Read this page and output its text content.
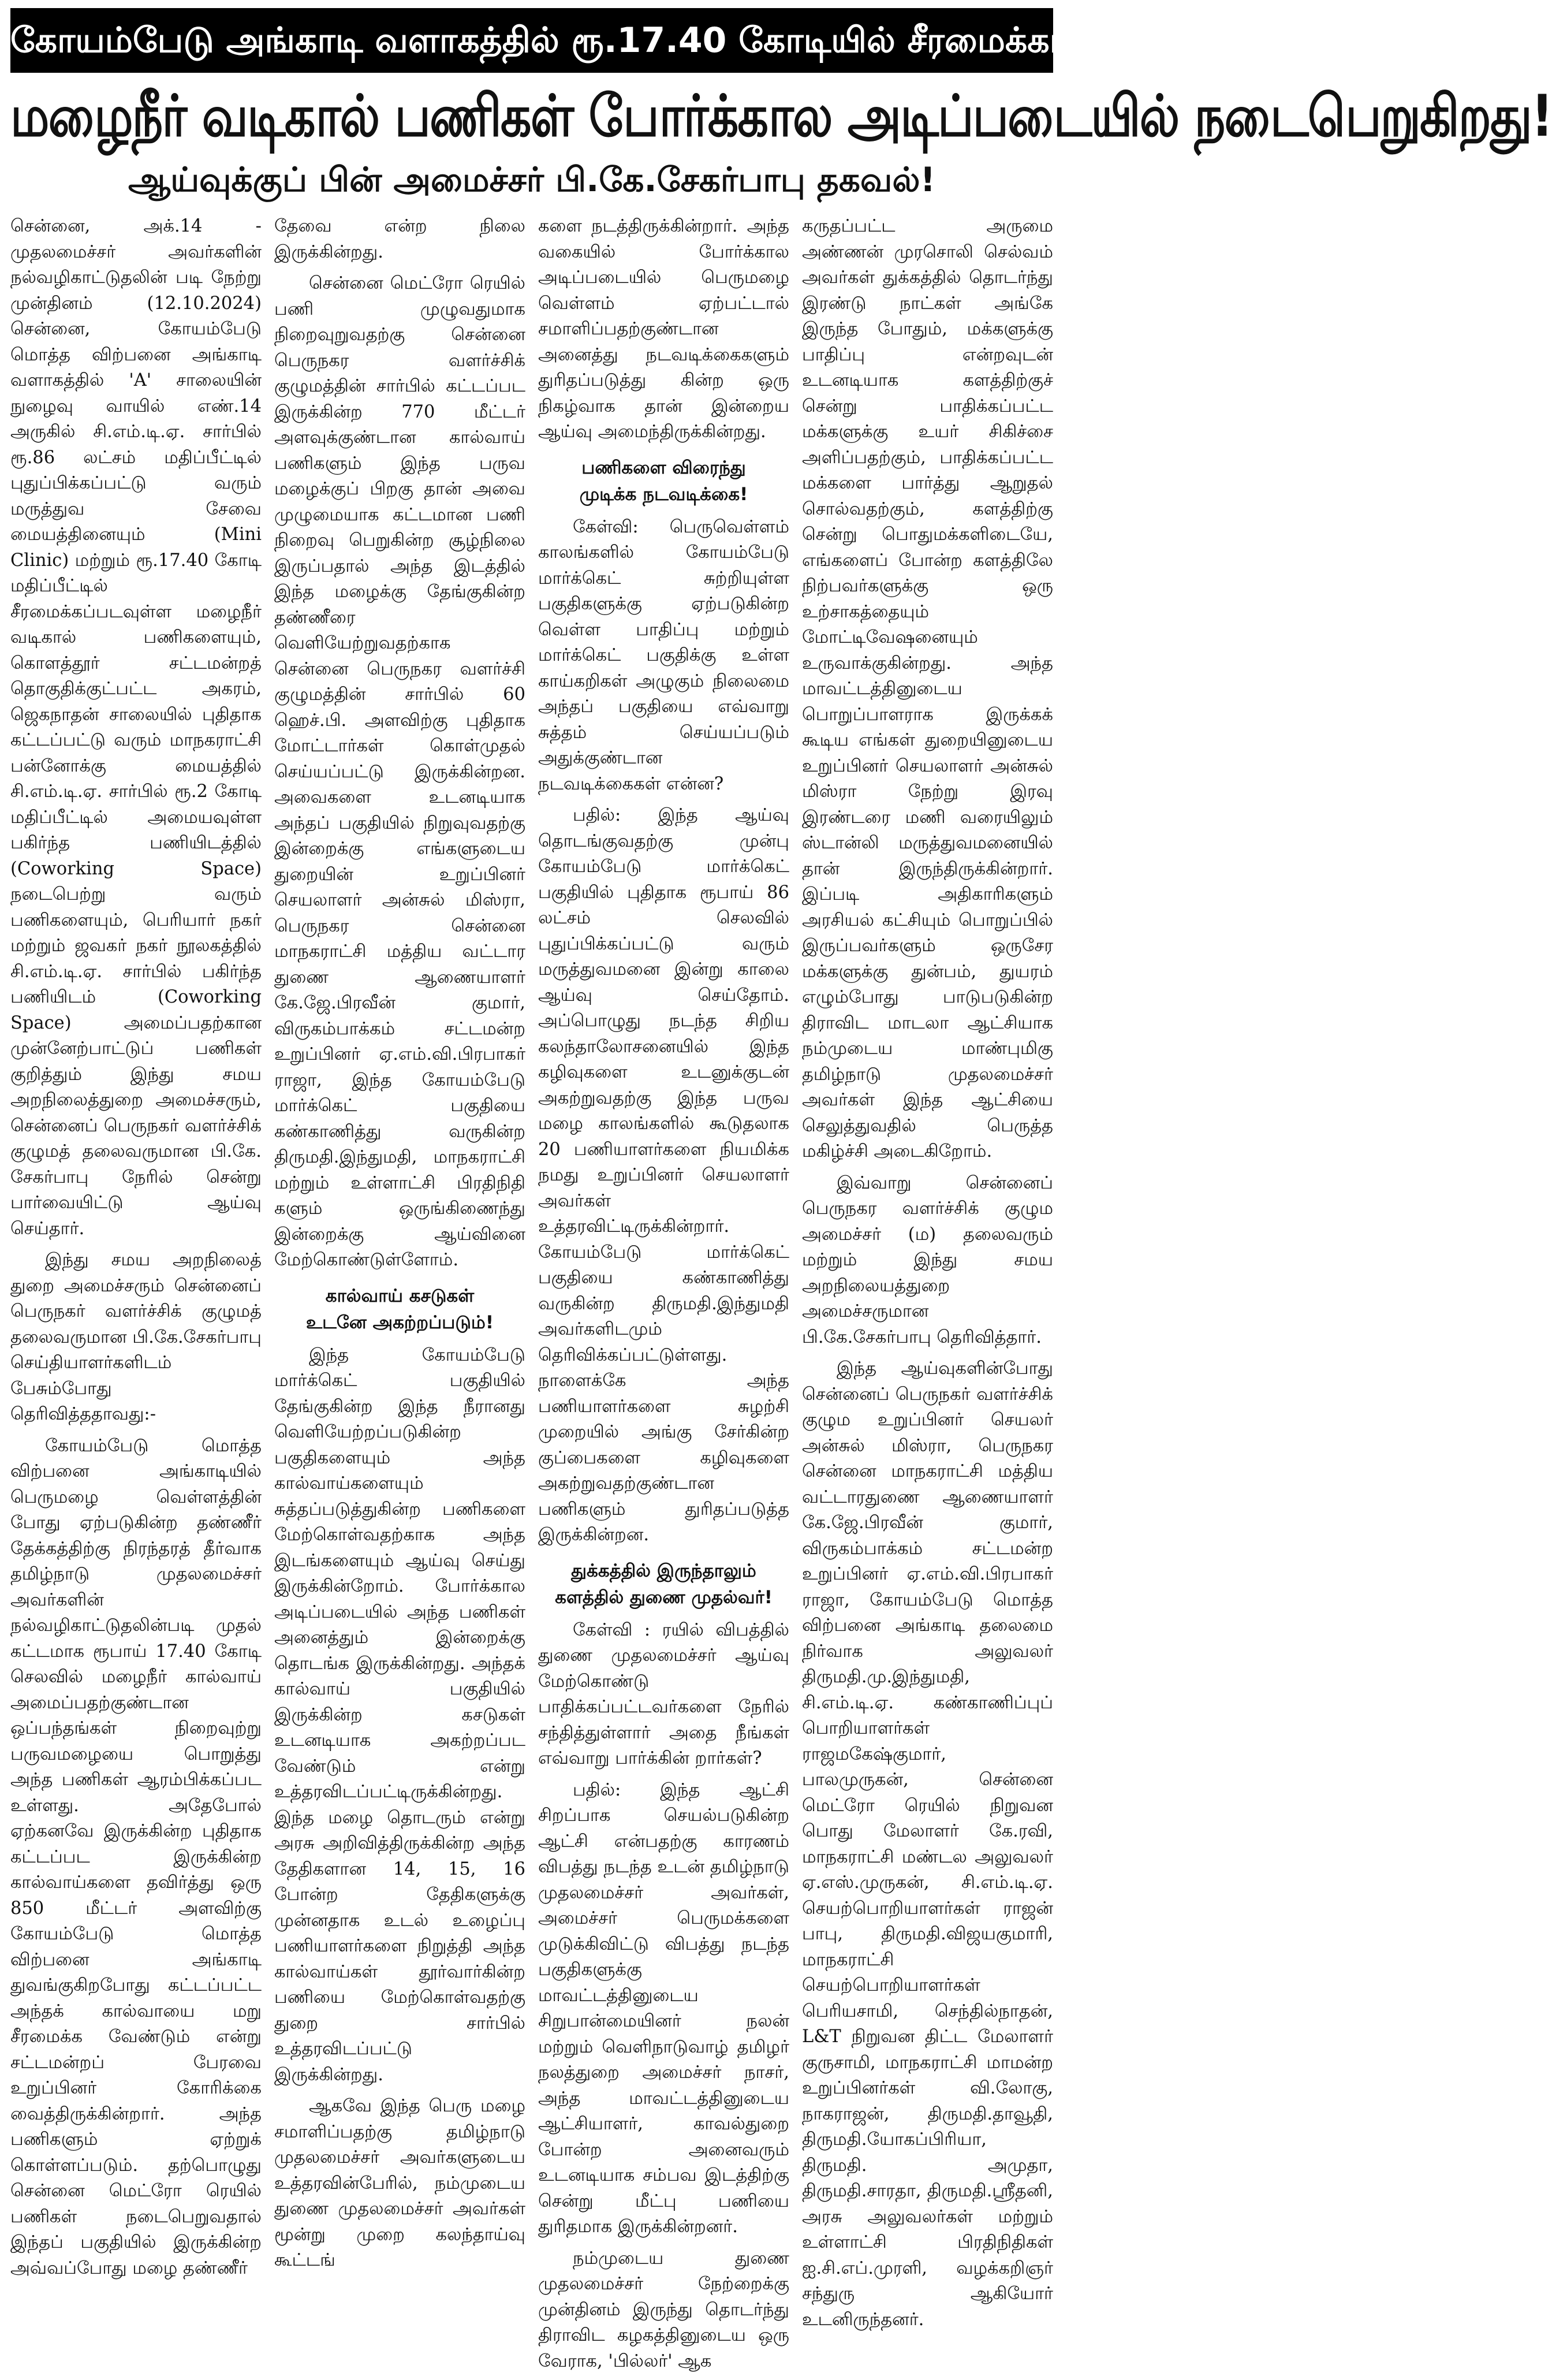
கோயம்பேடு அங்காடி வளாகத்தில் ரூ.17.40 கோடியில் சீரமைக்கப்படும்
மழைநீர் வடிகால் பணிகள் போர்க்கால அடிப்படையில் நடைபெறுகிறது!
ஆய்வுக்குப் பின் அமைச்சர் பி.கே.சேகர்பாபு தகவல்!

சென்னை, அக்.14 - முதலமைச்சர் அவர்களின் நல்வழிகாட்டுதலின் படி நேற்று முன்தினம் (12.10.2024) சென்னை, கோயம்பேடு மொத்த விற்பனை அங்காடி வளாகத்தில் 'A' சாலையின் நுழைவு வாயில் எண்.14 அருகில் சி.எம்.டி.ஏ. சார்பில் ரூ.86 லட்சம் மதிப்பீட்டில் புதுப்பிக்கப்பட்டு வரும் மருத்துவ சேவை மையத்தினையும் (Mini Clinic) மற்றும் ரூ.17.40 கோடி மதிப்பீட்டில் சீரமைக்கப்படவுள்ள மழைநீர் வடிகால் பணிகளையும், கொளத்தூர் சட்டமன்றத் தொகுதிக்குட்பட்ட அகரம், ஜெகநாதன் சாலையில் புதிதாக கட்டப்பட்டு வரும் மாநகராட்சி பன்னோக்கு மையத்தில் சி.எம்.டி.ஏ. சார்பில் ரூ.2 கோடி மதிப்பீட்டில் அமையவுள்ள பகிர்ந்த பணியிடத்தில் (Coworking Space) நடைபெற்று வரும் பணிகளையும், பெரியார் நகர் மற்றும் ஜவகர் நகர் நூலகத்தில் சி.எம்.டி.ஏ. சார்பில் பகிர்ந்த பணியிடம் (Coworking Space) அமைப்பதற்கான முன்னேற்பாட்டுப் பணிகள் குறித்தும் இந்து சமய அறநிலைத்துறை அமைச்சரும், சென்னைப் பெருநகர் வளர்ச்சிக் குழுமத் தலைவருமான பி.கே. சேகர்பாபு நேரில் சென்று பார்வையிட்டு ஆய்வு செய்தார்.

இந்து சமய அறநிலைத் துறை அமைச்சரும் சென்னைப் பெருநகர் வளர்ச்சிக் குழுமத் தலைவருமான பி.கே.சேகர்பாபு செய்தியாளர்களிடம் பேசும்போது தெரிவித்ததாவது:-

கோயம்பேடு மொத்த விற்பனை அங்காடியில் பெருமழை வெள்ளத்தின் போது ஏற்படுகின்ற தண்ணீர் தேக்கத்திற்கு நிரந்தரத் தீர்வாக தமிழ்நாடு முதலமைச்சர் அவர்களின் நல்வழிகாட்டுதலின்படி முதல் கட்டமாக ரூபாய் 17.40 கோடி செலவில் மழைநீர் கால்வாய் அமைப்பதற்குண்டான ஒப்பந்தங்கள் நிறைவுற்று பருவமழையை பொறுத்து அந்த பணிகள் ஆரம்பிக்கப்பட உள்ளது. அதேபோல் ஏற்கனவே இருக்கின்ற புதிதாக கட்டப்பட இருக்கின்ற கால்வாய்களை தவிர்த்து ஒரு 850 மீட்டர் அளவிற்கு கோயம்பேடு மொத்த விற்பனை அங்காடி துவங்குகிறபோது கட்டப்பட்ட அந்தக் கால்வாயை மறு சீரமைக்க வேண்டும் என்று சட்டமன்றப் பேரவை உறுப்பினர் கோரிக்கை வைத்திருக்கின்றார். அந்த பணிகளும் ஏற்றுக் கொள்ளப்படும். தற்பொழுது சென்னை மெட்ரோ ரெயில் பணிகள் நடைபெறுவதால் இந்தப் பகுதியில் இருக்கின்ற அவ்வப்போது மழை தண்ணீர்

தேவை என்ற நிலை இருக்கின்றது.

சென்னை மெட்ரோ ரெயில் பணி முழுவதுமாக நிறைவுறுவதற்கு சென்னை பெருநகர வளர்ச்சிக் குழுமத்தின் சார்பில் கட்டப்பட இருக்கின்ற 770 மீட்டர் அளவுக்குண்டான கால்வாய் பணிகளும் இந்த பருவ மழைக்குப் பிறகு தான் அவை முழுமையாக கட்டமான பணி நிறைவு பெறுகின்ற சூழ்நிலை இருப்பதால் அந்த இடத்தில் இந்த மழைக்கு தேங்குகின்ற தண்ணீரை வெளியேற்றுவதற்காக சென்னை பெருநகர வளர்ச்சி குழுமத்தின் சார்பில் 60 ஹெச்.பி. அளவிற்கு புதிதாக மோட்டார்கள் கொள்முதல் செய்யப்பட்டு இருக்கின்றன. அவைகளை உடனடியாக அந்தப் பகுதியில் நிறுவுவதற்கு இன்றைக்கு எங்களுடைய துறையின் உறுப்பினர் செயலாளர் அன்சுல் மிஸ்ரா, பெருநகர சென்னை மாநகராட்சி மத்திய வட்டார துணை ஆணையாளர் கே.ஜே.பிரவீன் குமார், விருகம்பாக்கம் சட்டமன்ற உறுப்பினர் ஏ.எம்.வி.பிரபாகர் ராஜா, இந்த கோயம்பேடு மார்க்கெட் பகுதியை கண்காணித்து வருகின்ற திருமதி.இந்துமதி, மாநகராட்சி மற்றும் உள்ளாட்சி பிரதிநிதி களும் ஒருங்கிணைந்து இன்றைக்கு ஆய்வினை மேற்கொண்டுள்ளோம்.

கால்வாய் கசடுகள்
உடனே அகற்றப்படும்!

இந்த கோயம்பேடு மார்க்கெட் பகுதியில் தேங்குகின்ற இந்த நீரானது வெளியேற்றப்படுகின்ற பகுதிகளையும் அந்த கால்வாய்களையும் சுத்தப்படுத்துகின்ற பணிகளை மேற்கொள்வதற்காக அந்த இடங்களையும் ஆய்வு செய்து இருக்கின்றோம். போர்க்கால அடிப்படையில் அந்த பணிகள் அனைத்தும் இன்றைக்கு தொடங்க இருக்கின்றது. அந்தக் கால்வாய் பகுதியில் இருக்கின்ற கசடுகள் உடனடியாக அகற்றப்பட வேண்டும் என்று உத்தரவிடப்பட்டிருக்கின்றது. இந்த மழை தொடரும் என்று அரசு அறிவித்திருக்கின்ற அந்த தேதிகளான 14, 15, 16 போன்ற தேதிகளுக்கு முன்னதாக உடல் உழைப்பு பணியாளர்களை நிறுத்தி அந்த கால்வாய்கள் தூர்வார்கின்ற பணியை மேற்கொள்வதற்கு துறை சார்பில் உத்தரவிடப்பட்டு இருக்கின்றது.

ஆகவே இந்த பெரு மழை சமாளிப்பதற்கு தமிழ்நாடு முதலமைச்சர் அவர்களுடைய உத்தரவின்பேரில், நம்முடைய துணை முதலமைச்சர் அவர்கள் மூன்று முறை கலந்தாய்வு கூட்டங்

களை நடத்திருக்கின்றார். அந்த வகையில் போர்க்கால அடிப்படையில் பெருமழை வெள்ளம் ஏற்பட்டால் சமாளிப்பதற்குண்டான அனைத்து நடவடிக்கைகளும் துரிதப்படுத்து கின்ற ஒரு நிகழ்வாக தான் இன்றைய ஆய்வு அமைந்திருக்கின்றது.

பணிகளை விரைந்து
முடிக்க நடவடிக்கை!

கேள்வி: பெருவெள்ளம் காலங்களில் கோயம்பேடு மார்க்கெட் சுற்றியுள்ள பகுதிகளுக்கு ஏற்படுகின்ற வெள்ள பாதிப்பு மற்றும் மார்க்கெட் பகுதிக்கு உள்ள காய்கறிகள் அழுகும் நிலைமை அந்தப் பகுதியை எவ்வாறு சுத்தம் செய்யப்படும் அதுக்குண்டான நடவடிக்கைகள் என்ன?

பதில்: இந்த ஆய்வு தொடங்குவதற்கு முன்பு கோயம்பேடு மார்க்கெட் பகுதியில் புதிதாக ரூபாய் 86 லட்சம் செலவில் புதுப்பிக்கப்பட்டு வரும் மருத்துவமனை இன்று காலை ஆய்வு செய்தோம். அப்பொழுது நடந்த சிறிய கலந்தாலோசனையில் இந்த கழிவுகளை உடனுக்குடன் அகற்றுவதற்கு இந்த பருவ மழை காலங்களில் கூடுதலாக 20 பணியாளர்களை நியமிக்க நமது உறுப்பினர் செயலாளர் அவர்கள் உத்தரவிட்டிருக்கின்றார். கோயம்பேடு மார்க்கெட் பகுதியை கண்காணித்து வருகின்ற திருமதி.இந்துமதி அவர்களிடமும் தெரிவிக்கப்பட்டுள்ளது. நாளைக்கே அந்த பணியாளர்களை சுழற்சி முறையில் அங்கு சேர்கின்ற குப்பைகளை கழிவுகளை அகற்றுவதற்குண்டான பணிகளும் துரிதப்படுத்த இருக்கின்றன.

துக்கத்தில் இருந்தாலும்
களத்தில் துணை முதல்வர்!

கேள்வி : ரயில் விபத்தில் துணை முதலமைச்சர் ஆய்வு மேற்கொண்டு பாதிக்கப்பட்டவர்களை நேரில் சந்தித்துள்ளார் அதை நீங்கள் எவ்வாறு பார்க்கின் றார்கள்?

பதில்: இந்த ஆட்சி சிறப்பாக செயல்படுகின்ற ஆட்சி என்பதற்கு காரணம் விபத்து நடந்த உடன் தமிழ்நாடு முதலமைச்சர் அவர்கள், அமைச்சர் பெருமக்களை முடுக்கிவிட்டு விபத்து நடந்த பகுதிகளுக்கு மாவட்டத்தினுடைய சிறுபான்மையினர் நலன் மற்றும் வெளிநாடுவாழ் தமிழர் நலத்துறை அமைச்சர் நாசர், அந்த மாவட்டத்தினுடைய ஆட்சியாளர், காவல்துறை போன்ற அனைவரும் உடனடியாக சம்பவ இடத்திற்கு சென்று மீட்பு பணியை துரிதமாக இருக்கின்றனர்.

நம்முடைய துணை முதலமைச்சர் நேற்றைக்கு முன்தினம் இருந்து தொடர்ந்து திராவிட கழகத்தினுடைய ஒரு வேராக, 'பில்லர்' ஆக

கருதப்பட்ட அருமை அண்ணன் முரசொலி செல்வம் அவர்கள் துக்கத்தில் தொடர்ந்து இரண்டு நாட்கள் அங்கே இருந்த போதும், மக்களுக்கு பாதிப்பு என்றவுடன் உடனடியாக களத்திற்குச் சென்று பாதிக்கப்பட்ட மக்களுக்கு உயர் சிகிச்சை அளிப்பதற்கும், பாதிக்கப்பட்ட மக்களை பார்த்து ஆறுதல் சொல்வதற்கும், களத்திற்கு சென்று பொதுமக்களிடையே, எங்களைப் போன்ற களத்திலே நிற்பவர்களுக்கு ஒரு உற்சாகத்தையும் மோட்டிவேஷனையும் உருவாக்குகின்றது. அந்த மாவட்டத்தினுடைய பொறுப்பாளராக இருக்கக் கூடிய எங்கள் துறையினுடைய உறுப்பினர் செயலாளர் அன்சுல் மிஸ்ரா நேற்று இரவு இரண்டரை மணி வரையிலும் ஸ்டான்லி மருத்துவமனையில் தான் இருந்திருக்கின்றார். இப்படி அதிகாரிகளும் அரசியல் கட்சியும் பொறுப்பில் இருப்பவர்களும் ஒருசேர மக்களுக்கு துன்பம், துயரம் எழும்போது பாடுபடுகின்ற திராவிட மாடலா ஆட்சியாக நம்முடைய மாண்புமிகு தமிழ்நாடு முதலமைச்சர் அவர்கள் இந்த ஆட்சியை செலுத்துவதில் பெருத்த மகிழ்ச்சி அடைகிறோம்.

இவ்வாறு சென்னைப் பெருநகர வளர்ச்சிக் குழும அமைச்சர் (ம) தலைவரும் மற்றும் இந்து சமய அறநிலையத்துறை அமைச்சருமான பி.கே.சேகர்பாபு தெரிவித்தார்.

இந்த ஆய்வுகளின்போது சென்னைப் பெருநகர் வளர்ச்சிக் குழும உறுப்பினர் செயலர் அன்சுல் மிஸ்ரா, பெருநகர சென்னை மாநகராட்சி மத்திய வட்டாரதுணை ஆணையாளர் கே.ஜே.பிரவீன் குமார், விருகம்பாக்கம் சட்டமன்ற உறுப்பினர் ஏ.எம்.வி.பிரபாகர் ராஜா, கோயம்பேடு மொத்த விற்பனை அங்காடி தலைமை நிர்வாக அலுவலர் திருமதி.மு.இந்துமதி, சி.எம்.டி.ஏ. கண்காணிப்புப் பொறியாளர்கள் ராஜமகேஷ்குமார், பாலமுருகன், சென்னை மெட்ரோ ரெயில் நிறுவன பொது மேலாளர் கே.ரவி, மாநகராட்சி மண்டல அலுவலர் ஏ.எஸ்.முருகன், சி.எம்.டி.ஏ. செயற்பொறியாளர்கள் ராஜன் பாபு, திருமதி.விஜயகுமாரி, மாநகராட்சி செயற்பொறியாளர்கள் பெரியசாமி, செந்தில்நாதன், L&T நிறுவன திட்ட மேலாளர் குருசாமி, மாநகராட்சி மாமன்ற உறுப்பினர்கள் வி.லோகு, நாகராஜன், திருமதி.தாவூதி, திருமதி.யோகப்பிரியா, திருமதி. அமுதா, திருமதி.சாரதா, திருமதி.ஸ்ரீதனி, அரசு அலுவலர்கள் மற்றும் உள்ளாட்சி பிரதிநிதிகள் ஐ.சி.எப்.முரளி, வழக்கறிஞர் சந்துரு ஆகியோர் உடனிருந்தனர்.
